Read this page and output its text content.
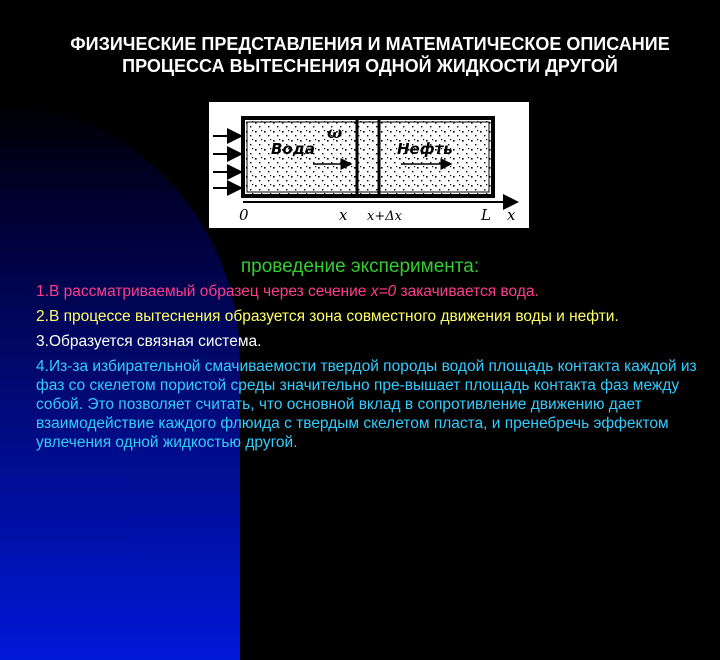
ФИЗИЧЕСКИЕ ПРЕДСТАВЛЕНИЯ И МАТЕМАТИЧЕСКОЕ ОПИСАНИЕ ПРОЦЕССА ВЫТЕСНЕНИЯ ОДНОЙ ЖИДКОСТИ ДРУГОЙ
Вода	Нефть
ω
0	x x+Δx	L x
проведение эксперимента:
1.В рассматриваемый образец через сечение x=0 закачивается вода.
2.В процессе вытеснения образуется зона совместного движения воды и нефти.
3.Образуется связная система.
4.Из-за избирательной смачиваемости твердой породы водой площадь контакта каждой из фаз со скелетом пористой среды значительно пре-вышает площадь контакта фаз между собой. Это позволяет считать, что основной вклад в сопротивление движению дает взаимодействие каждого флюида с твердым скелетом пласта, и пренебречь эффектом увлечения одной жидкостью другой.
